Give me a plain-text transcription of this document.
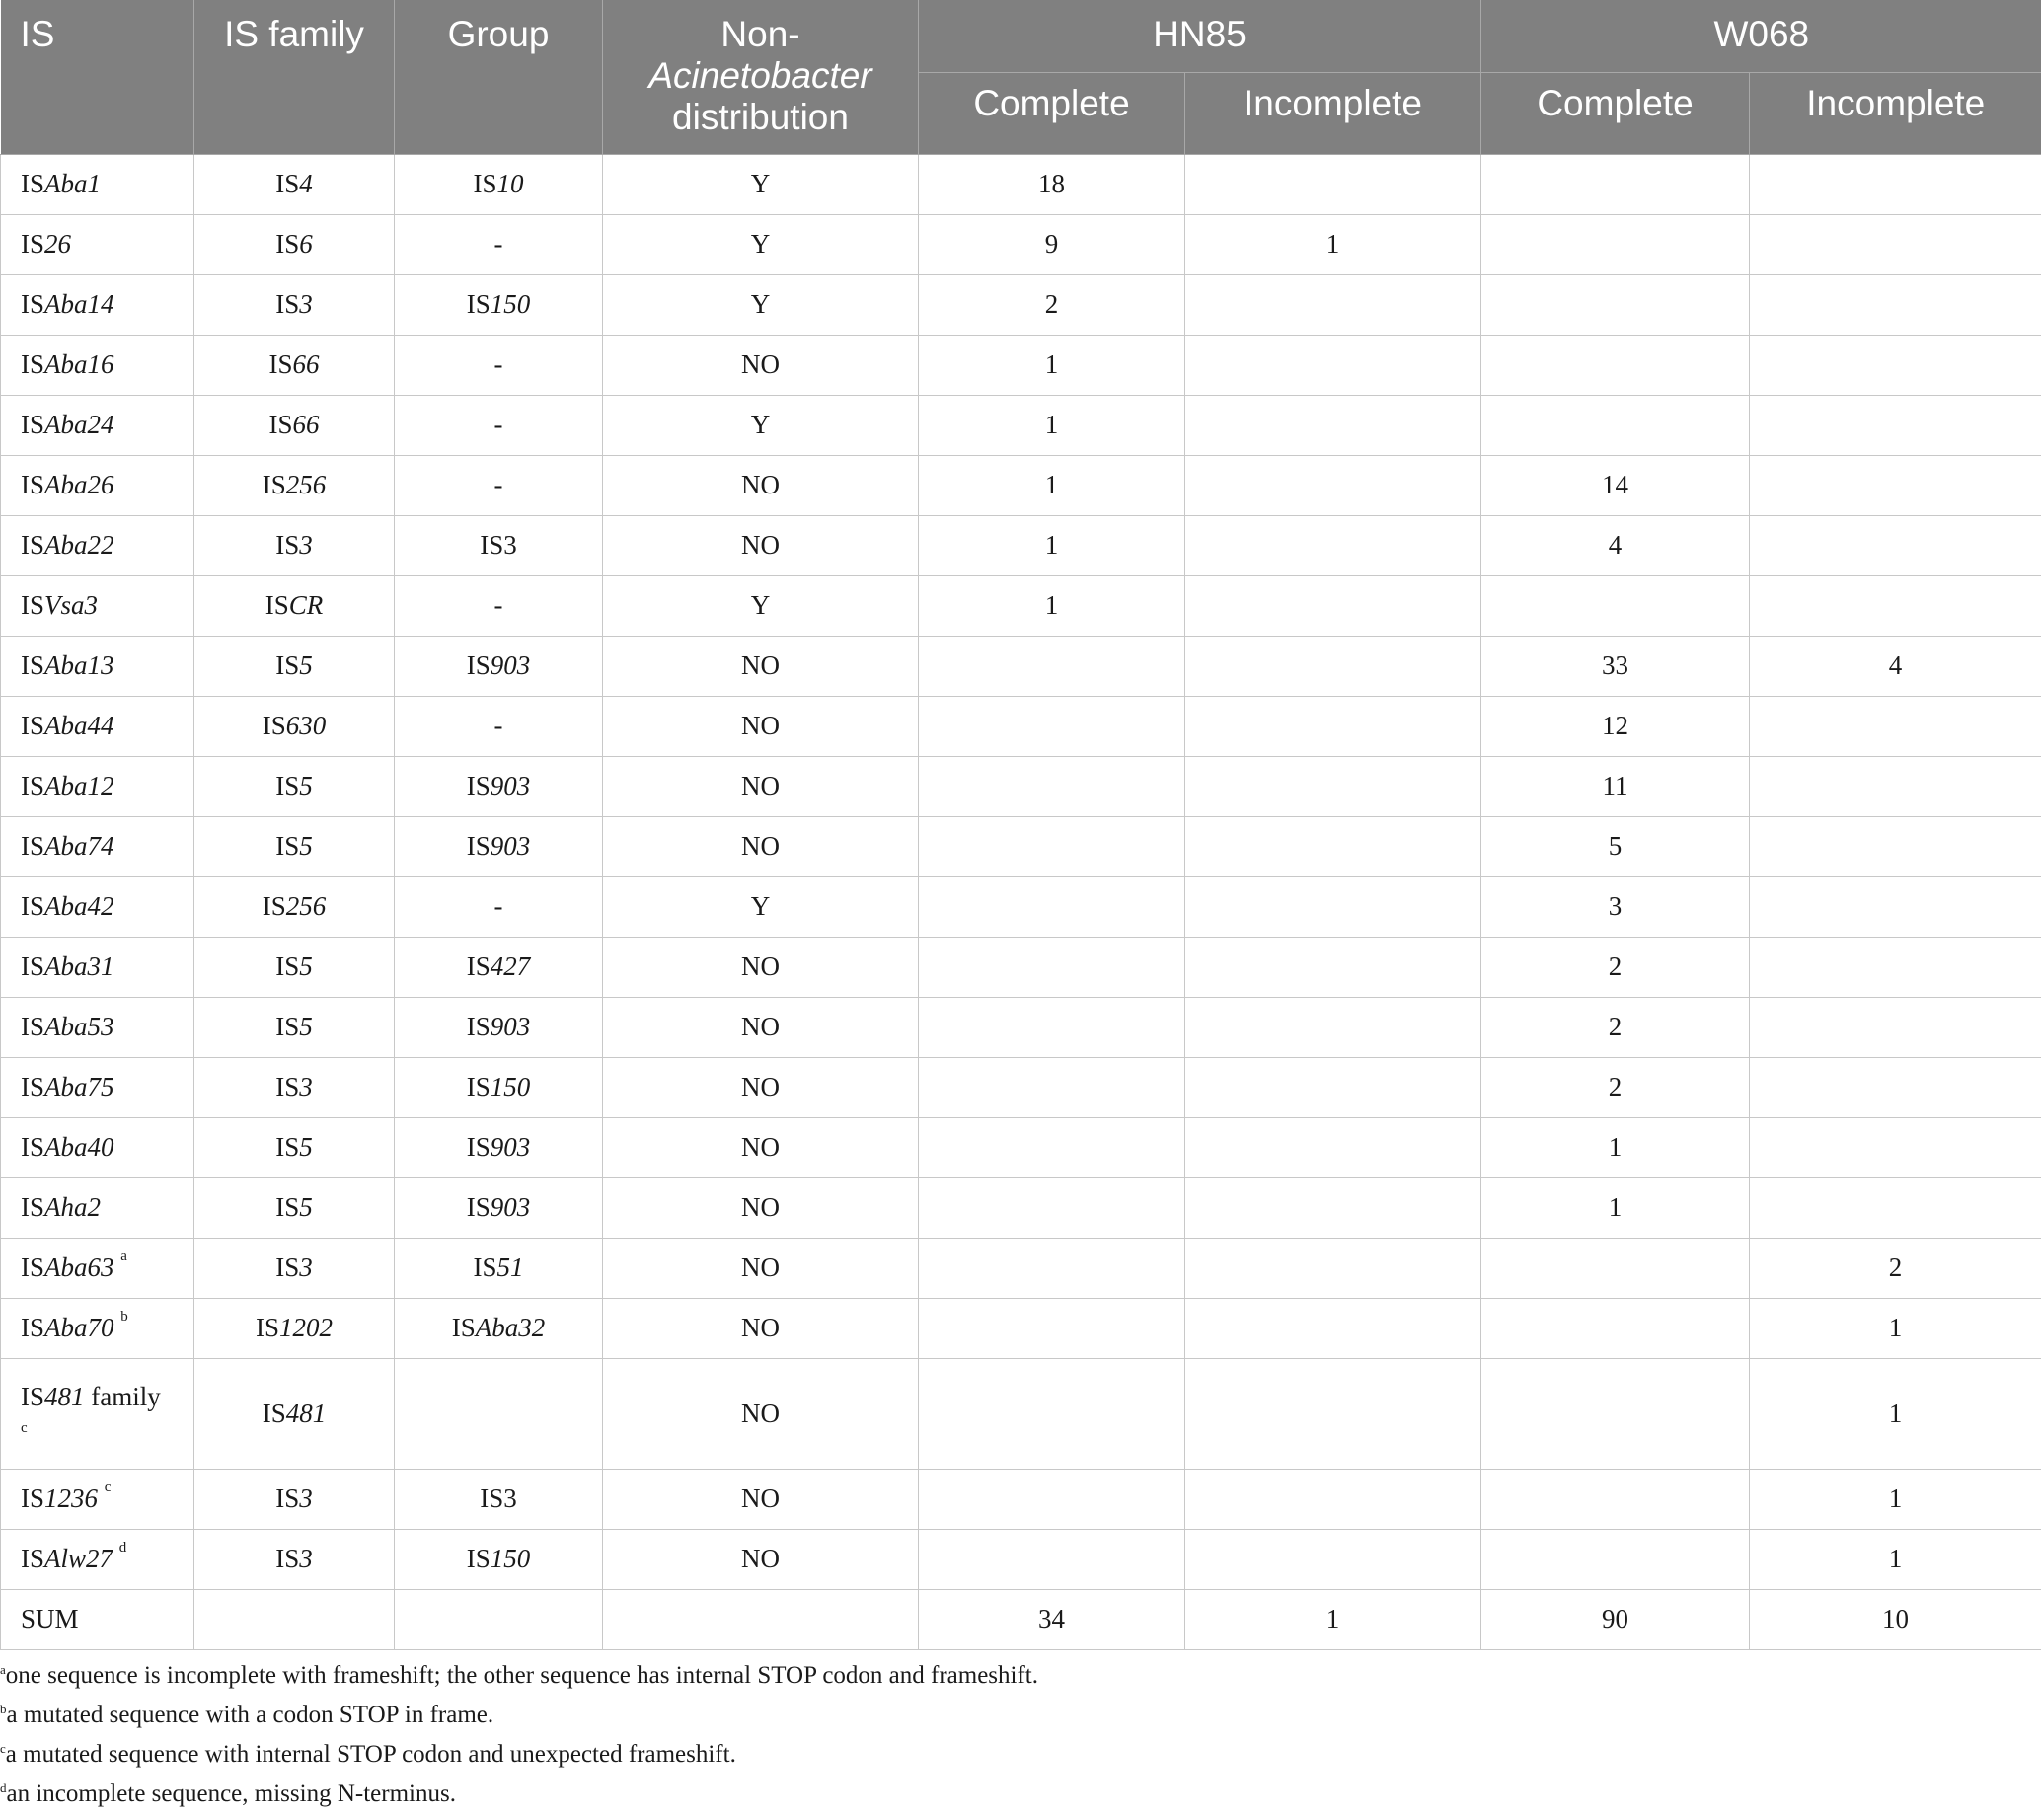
IS	IS family	Group	Non-
Acinetobacter
distribution	HN85		W068	
				Complete	Incomplete	Complete	Incomplete
ISAba1	IS4	IS10	Y	18			
IS26	IS6	-	Y	9	1		
ISAba14	IS3	IS150	Y	2			
ISAba16	IS66	-	NO	1			
ISAba24	IS66	-	Y	1			
ISAba26	IS256	-	NO	1		14	
ISAba22	IS3	IS3	NO	1		4	
ISVsa3	ISCR	-	Y	1			
ISAba13	IS5	IS903	NO			33	4
ISAba44	IS630	-	NO			12	
ISAba12	IS5	IS903	NO			11	
ISAba74	IS5	IS903	NO			5	
ISAba42	IS256	-	Y			3	
ISAba31	IS5	IS427	NO			2	
ISAba53	IS5	IS903	NO			2	
ISAba75	IS3	IS150	NO			2	
ISAba40	IS5	IS903	NO			1	
ISAha2	IS5	IS903	NO			1	
ISAba63 $^a$	IS3	IS51	NO				2
ISAba70 $^b$	IS1202	ISAba32	NO				1
IS481 family
$^c$	IS481		NO				1
IS1236 $^c$	IS3	IS3	NO				1
ISAlw27 $^d$	IS3	IS150	NO				1
SUM				34	1	90	10
$^a$one sequence is incomplete with frameshift; the other sequence has internal STOP codon and frameshift.
$^b$a mutated sequence with a codon STOP in frame.
$^c$a mutated sequence with internal STOP codon and unexpected frameshift.
$^d$an incomplete sequence, missing N-terminus.
